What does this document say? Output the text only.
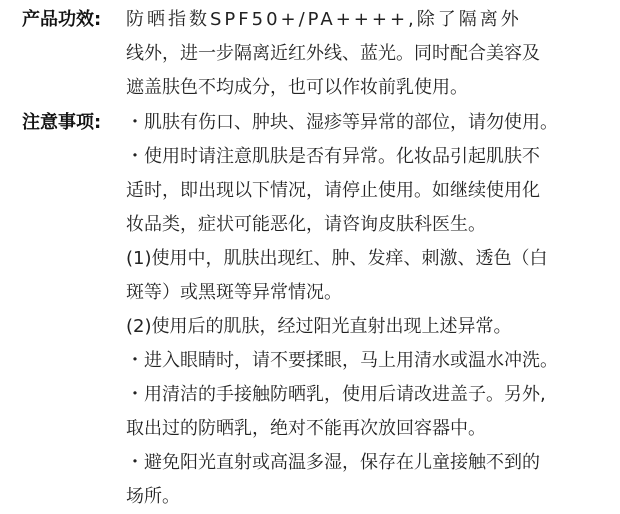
产品功效:	防晒指数SPF50+/PA++++,除了隔离外
线外，进一步隔离近红外线、蓝光。同时配合美容及
遮盖肤色不均成分，也可以作妆前乳使用。
注意事项:	・肌肤有伤口、肿块、湿疹等异常的部位，请勿使用。
・使用时请注意肌肤是否有异常。化妆品引起肌肤不
适时，即出现以下情况，请停止使用。如继续使用化
妆品类，症状可能恶化，请咨询皮肤科医生。
(1)使用中，肌肤出现红、肿、发痒、刺激、透色（白
斑等）或黑斑等异常情况。
(2)使用后的肌肤，经过阳光直射出现上述异常。
・进入眼睛时，请不要揉眼，马上用清水或温水冲洗。
・用清洁的手接触防晒乳，使用后请改进盖子。另外,
取出过的防晒乳，绝对不能再次放回容器中。
・避免阳光直射或高温多湿，保存在儿童接触不到的
场所。
